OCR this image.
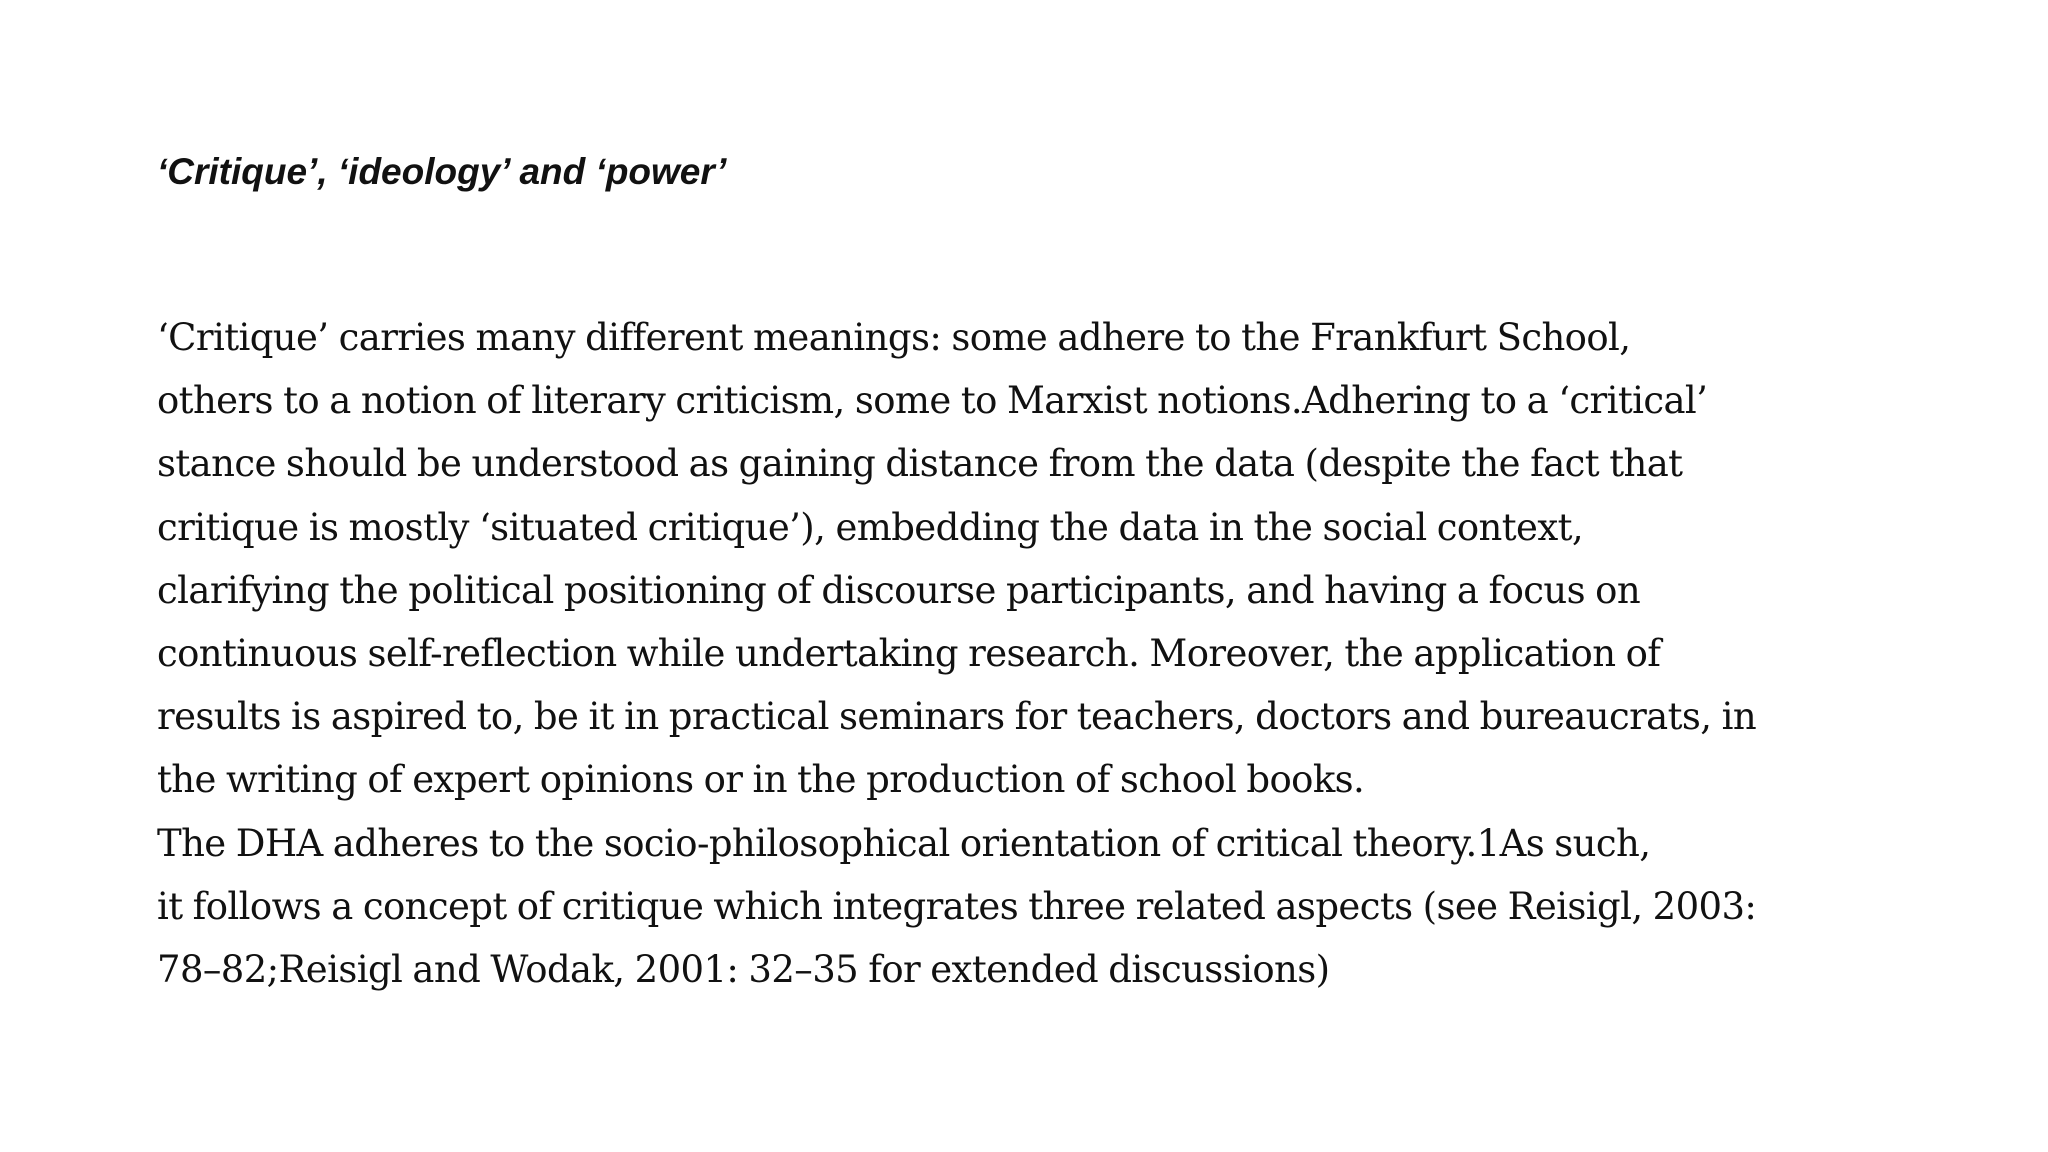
‘Critique’, ‘ideology’ and ‘power’
‘Critique’ carries many different meanings: some adhere to the Frankfurt School,
others to a notion of literary criticism, some to Marxist notions.Adhering to a ‘critical’
stance should be understood as gaining distance from the data (despite the fact that
critique is mostly ‘situated critique’), embedding the data in the social context,
clarifying the political positioning of discourse participants, and having a focus on
continuous self-reflection while undertaking research. Moreover, the application of
results is aspired to, be it in practical seminars for teachers, doctors and bureaucrats, in
the writing of expert opinions or in the production of school books.
The DHA adheres to the socio-philosophical orientation of critical theory.1As such,
it follows a concept of critique which integrates three related aspects (see Reisigl, 2003:
78–82;Reisigl and Wodak, 2001: 32–35 for extended discussions)
